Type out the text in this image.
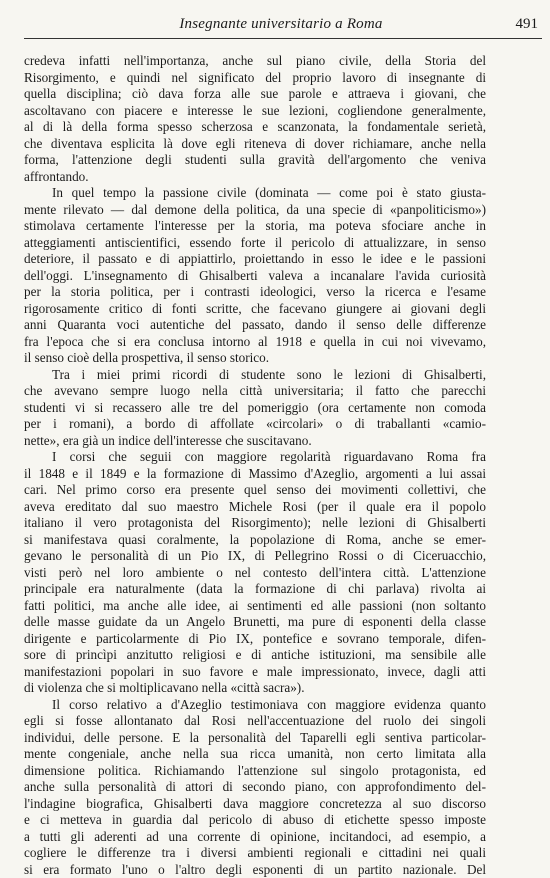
Insegnante universitario a Roma	491
credeva infatti nell'importanza, anche sul piano civile, della Storia del
Risorgimento, e quindi nel significato del proprio lavoro di insegnante di
quella disciplina; ciò dava forza alle sue parole e attraeva i giovani, che
ascoltavano con piacere e interesse le sue lezioni, cogliendone generalmente,
al di là della forma spesso scherzosa e scanzonata, la fondamentale serietà,
che diventava esplicita là dove egli riteneva di dover richiamare, anche nella
forma, l'attenzione degli studenti sulla gravità dell'argomento che veniva
affrontando.
In quel tempo la passione civile (dominata — come poi è stato giusta-
mente rilevato — dal demone della politica, da una specie di «panpoliticismo»)
stimolava certamente l'interesse per la storia, ma poteva sfociare anche in
atteggiamenti antiscientifici, essendo forte il pericolo di attualizzare, in senso
deteriore, il passato e di appiattirlo, proiettando in esso le idee e le passioni
dell'oggi. L'insegnamento di Ghisalberti valeva a incanalare l'avida curiosità
per la storia politica, per i contrasti ideologici, verso la ricerca e l'esame
rigorosamente critico di fonti scritte, che facevano giungere ai giovani degli
anni Quaranta voci autentiche del passato, dando il senso delle differenze
fra l'epoca che si era conclusa intorno al 1918 e quella in cui noi vivevamo,
il senso cioè della prospettiva, il senso storico.
Tra i miei primi ricordi di studente sono le lezioni di Ghisalberti,
che avevano sempre luogo nella città universitaria; il fatto che parecchi
studenti vi si recassero alle tre del pomeriggio (ora certamente non comoda
per i romani), a bordo di affollate «circolari» o di traballanti «camio-
nette», era già un indice dell'interesse che suscitavano.
I corsi che seguii con maggiore regolarità riguardavano Roma fra
il 1848 e il 1849 e la formazione di Massimo d'Azeglio, argomenti a lui assai
cari. Nel primo corso era presente quel senso dei movimenti collettivi, che
aveva ereditato dal suo maestro Michele Rosi (per il quale era il popolo
italiano il vero protagonista del Risorgimento); nelle lezioni di Ghisalberti
si manifestava quasi coralmente, la popolazione di Roma, anche se emer-
gevano le personalità di un Pio IX, di Pellegrino Rossi o di Ciceruacchio,
visti però nel loro ambiente o nel contesto dell'intera città. L'attenzione
principale era naturalmente (data la formazione di chi parlava) rivolta ai
fatti politici, ma anche alle idee, ai sentimenti ed alle passioni (non soltanto
delle masse guidate da un Angelo Brunetti, ma pure di esponenti della classe
dirigente e particolarmente di Pio IX, pontefice e sovrano temporale, difen-
sore di princìpi anzitutto religiosi e di antiche istituzioni, ma sensibile alle
manifestazioni popolari in suo favore e male impressionato, invece, dagli atti
di violenza che si moltiplicavano nella «città sacra»).
Il corso relativo a d'Azeglio testimoniava con maggiore evidenza quanto
egli si fosse allontanato dal Rosi nell'accentuazione del ruolo dei singoli
individui, delle persone. E la personalità del Taparelli egli sentiva particolar-
mente congeniale, anche nella sua ricca umanità, non certo limitata alla
dimensione politica. Richiamando l'attenzione sul singolo protagonista, ed
anche sulla personalità di attori di secondo piano, con approfondimento del-
l'indagine biografica, Ghisalberti dava maggiore concretezza al suo discorso
e ci metteva in guardia dal pericolo di abuso di etichette spesso imposte
a tutti gli aderenti ad una corrente di opinione, incitandoci, ad esempio, a
cogliere le differenze tra i diversi ambienti regionali e cittadini nei quali
si era formato l'uno o l'altro degli esponenti di un partito nazionale. Del
